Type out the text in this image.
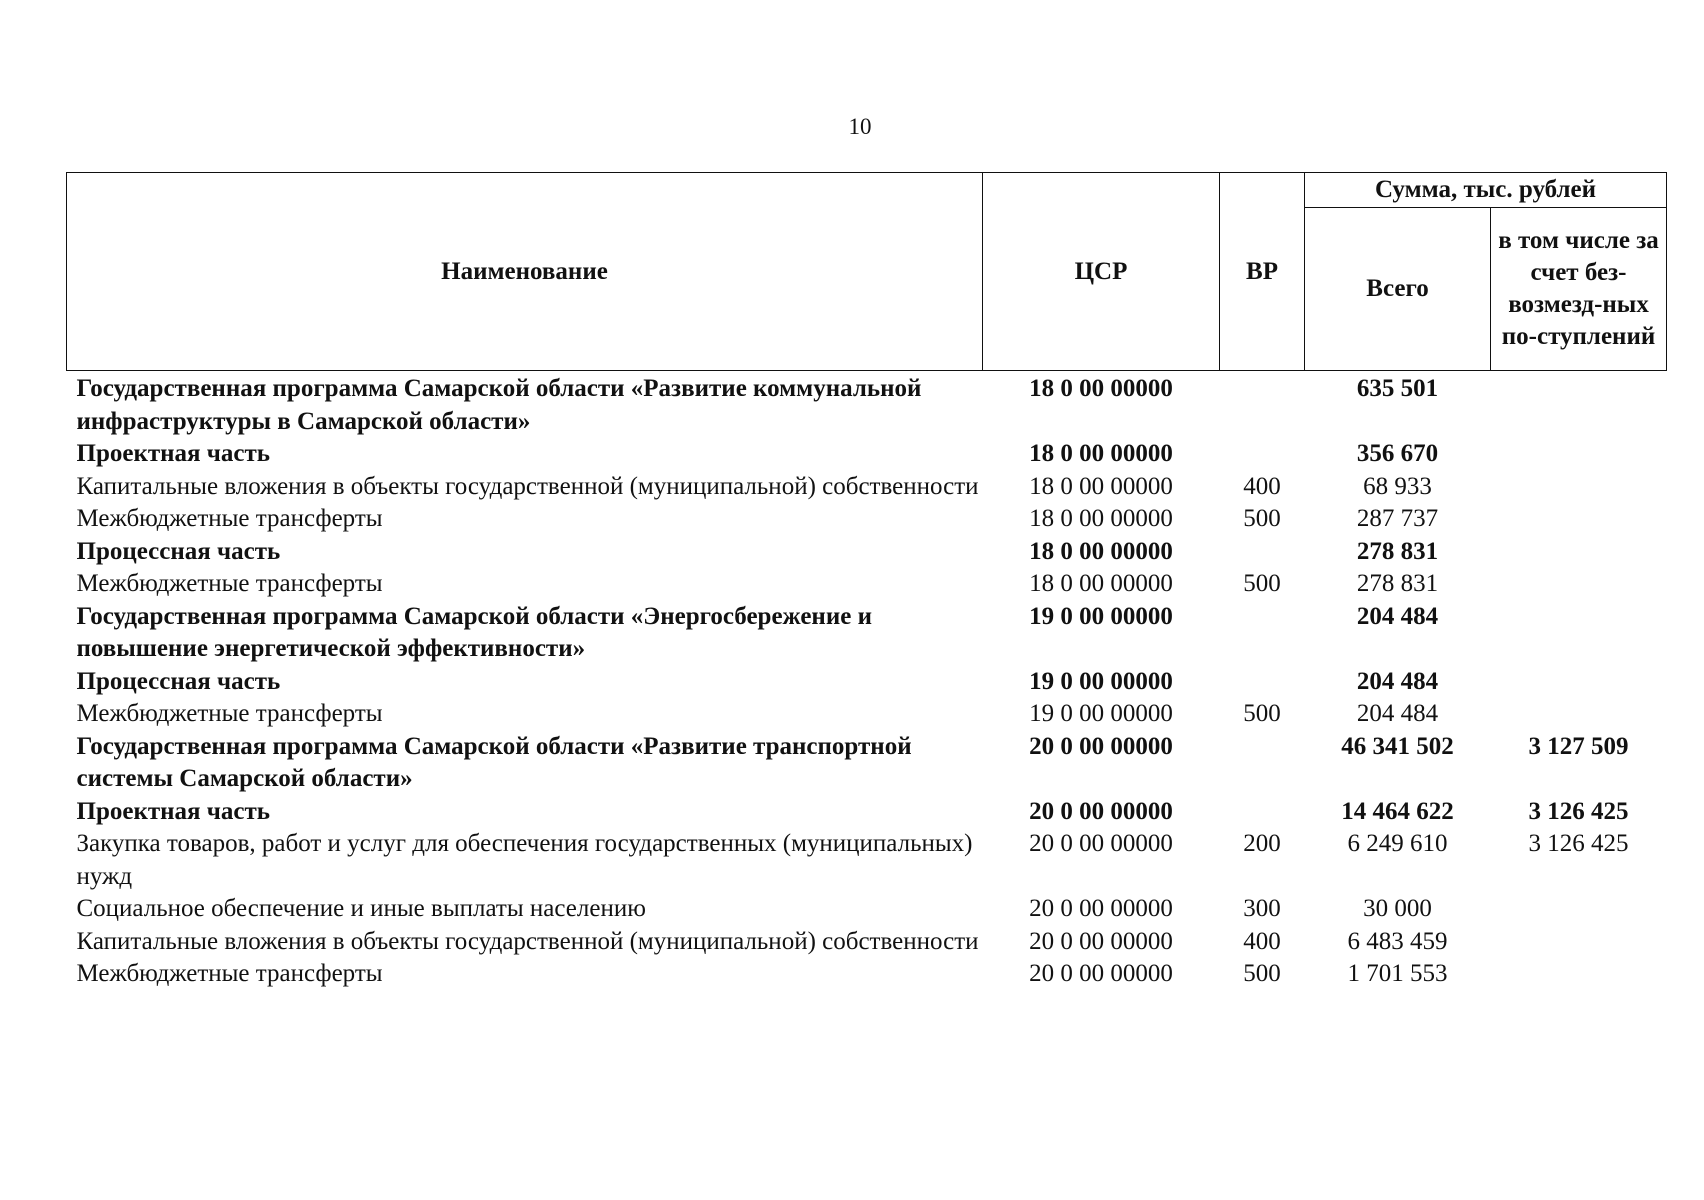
10
Наименование	ЦСР	ВР	Сумма, тыс. рублей	
			Всего	в том числе за счет без-возмезд-ных по-ступлений
Государственная программа Самарской области «Развитие коммунальной инфраструктуры в Самарской области»	18 0 00 00000		635 501	
Проектная часть	18 0 00 00000		356 670	
Капитальные вложения в объекты государственной (муниципальной) собственности	18 0 00 00000	400	68 933	
Межбюджетные трансферты	18 0 00 00000	500	287 737	
Процессная часть	18 0 00 00000		278 831	
Межбюджетные трансферты	18 0 00 00000	500	278 831	
Государственная программа Самарской области «Энергосбережение и повышение энергетической эффективности»	19 0 00 00000		204 484	
Процессная часть	19 0 00 00000		204 484	
Межбюджетные трансферты	19 0 00 00000	500	204 484	
Государственная программа Самарской области «Развитие транспортной системы Самарской области»	20 0 00 00000		46 341 502	3 127 509
Проектная часть	20 0 00 00000		14 464 622	3 126 425
Закупка товаров, работ и услуг для обеспечения государственных (муниципальных) нужд	20 0 00 00000	200	6 249 610	3 126 425
Социальное обеспечение и иные выплаты населению	20 0 00 00000	300	30 000	
Капитальные вложения в объекты государственной (муниципальной) собственности	20 0 00 00000	400	6 483 459	
Межбюджетные трансферты	20 0 00 00000	500	1 701 553	
